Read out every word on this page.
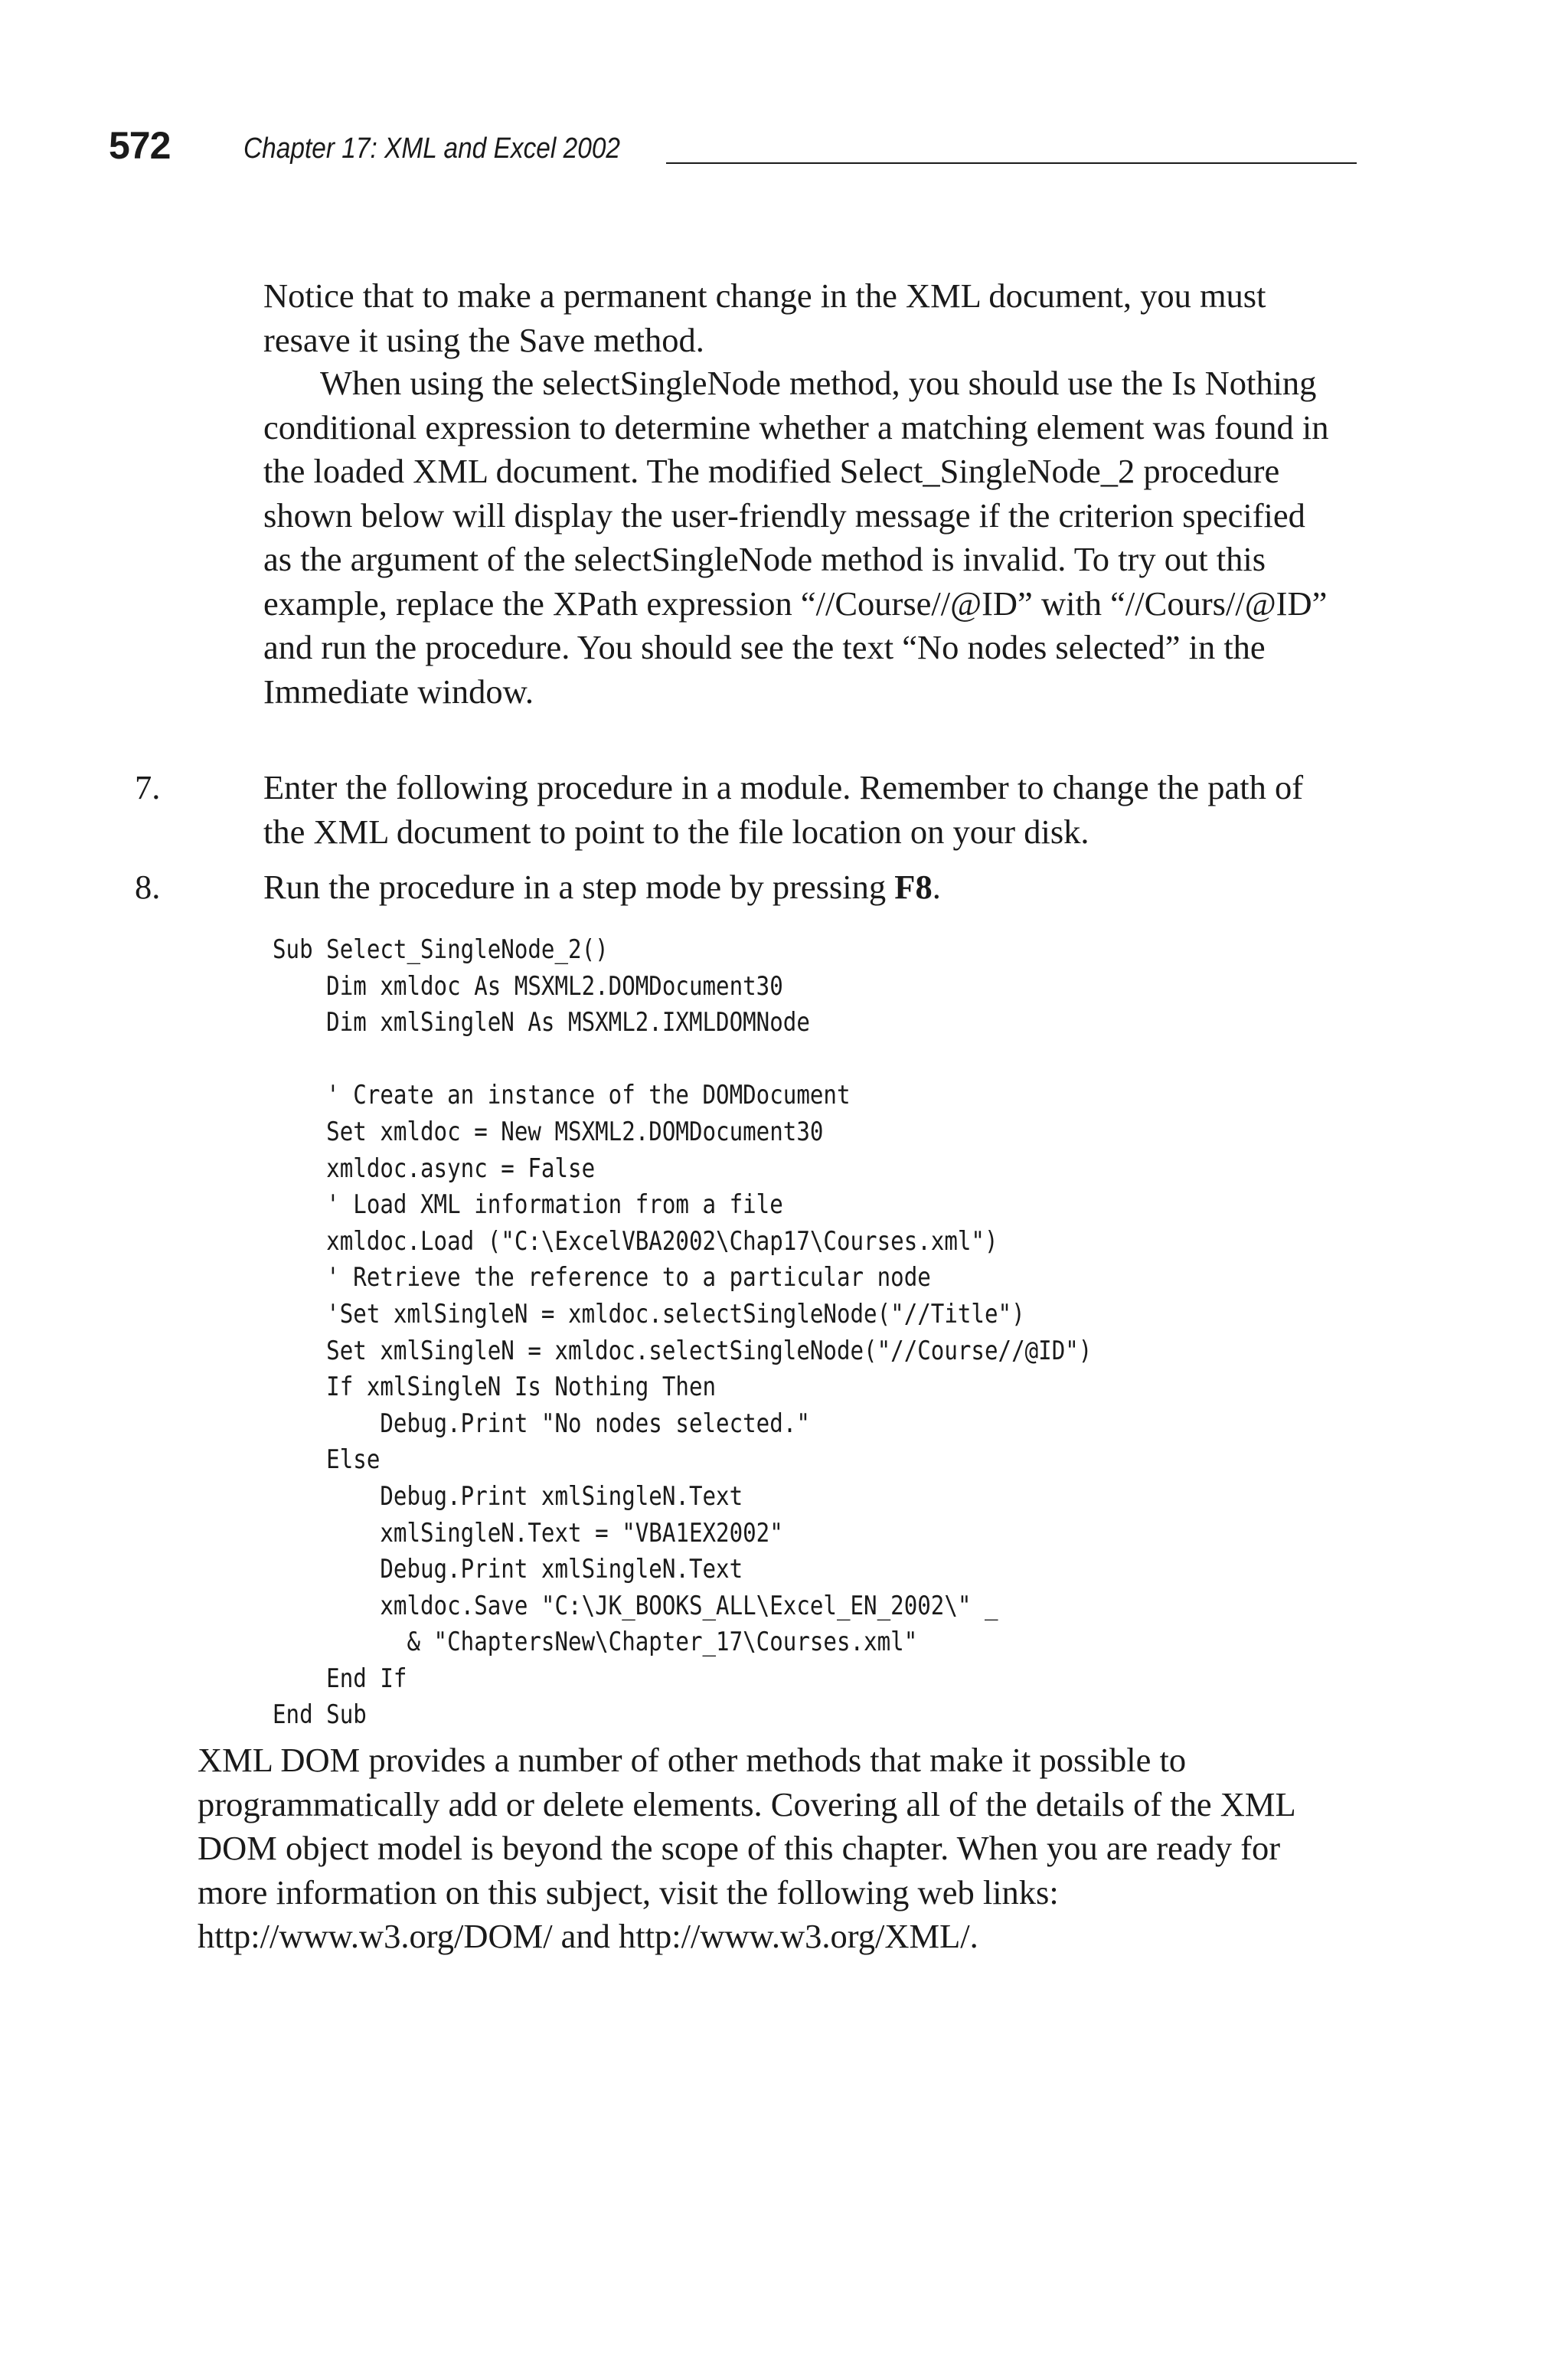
572	Chapter 17: XML and Excel 2002

Notice that to make a permanent change in the XML document, you must resave it using the Save method.

When using the selectSingleNode method, you should use the Is Nothing conditional expression to determine whether a matching element was found in the loaded XML document. The modified Select_SingleNode_2 procedure shown below will display the user-friendly message if the criterion specified as the argument of the selectSingleNode method is invalid. To try out this example, replace the XPath expression “//Course//@ID” with “//Cours//@ID” and run the procedure. You should see the text “No nodes selected” in the Immediate window.

7.	Enter the following procedure in a module. Remember to change the path of the XML document to point to the file location on your disk.

8.	Run the procedure in a step mode by pressing F8.

Sub Select_SingleNode_2()
Dim xmldoc As MSXML2.DOMDocument30
Dim xmlSingleN As MSXML2.IXMLDOMNode
' Create an instance of the DOMDocument
Set xmldoc = New MSXML2.DOMDocument30
xmldoc.async = False
' Load XML information from a file
xmldoc.Load ("C:\ExcelVBA2002\Chap17\Courses.xml")
' Retrieve the reference to a particular node
'Set xmlSingleN = xmldoc.selectSingleNode("//Title")
Set xmlSingleN = xmldoc.selectSingleNode("//Course//@ID")
If xmlSingleN Is Nothing Then
Debug.Print "No nodes selected."
Else
Debug.Print xmlSingleN.Text
xmlSingleN.Text = "VBA1EX2002"
Debug.Print xmlSingleN.Text
xmldoc.Save "C:\JK_BOOKS_ALL\Excel_EN_2002\" _
& "ChaptersNew\Chapter_17\Courses.xml"
End If
End Sub

XML DOM provides a number of other methods that make it possible to programmatically add or delete elements. Covering all of the details of the XML DOM object model is beyond the scope of this chapter. When you are ready for more information on this subject, visit the following web links: http://www.w3.org/DOM/ and http://www.w3.org/XML/.
